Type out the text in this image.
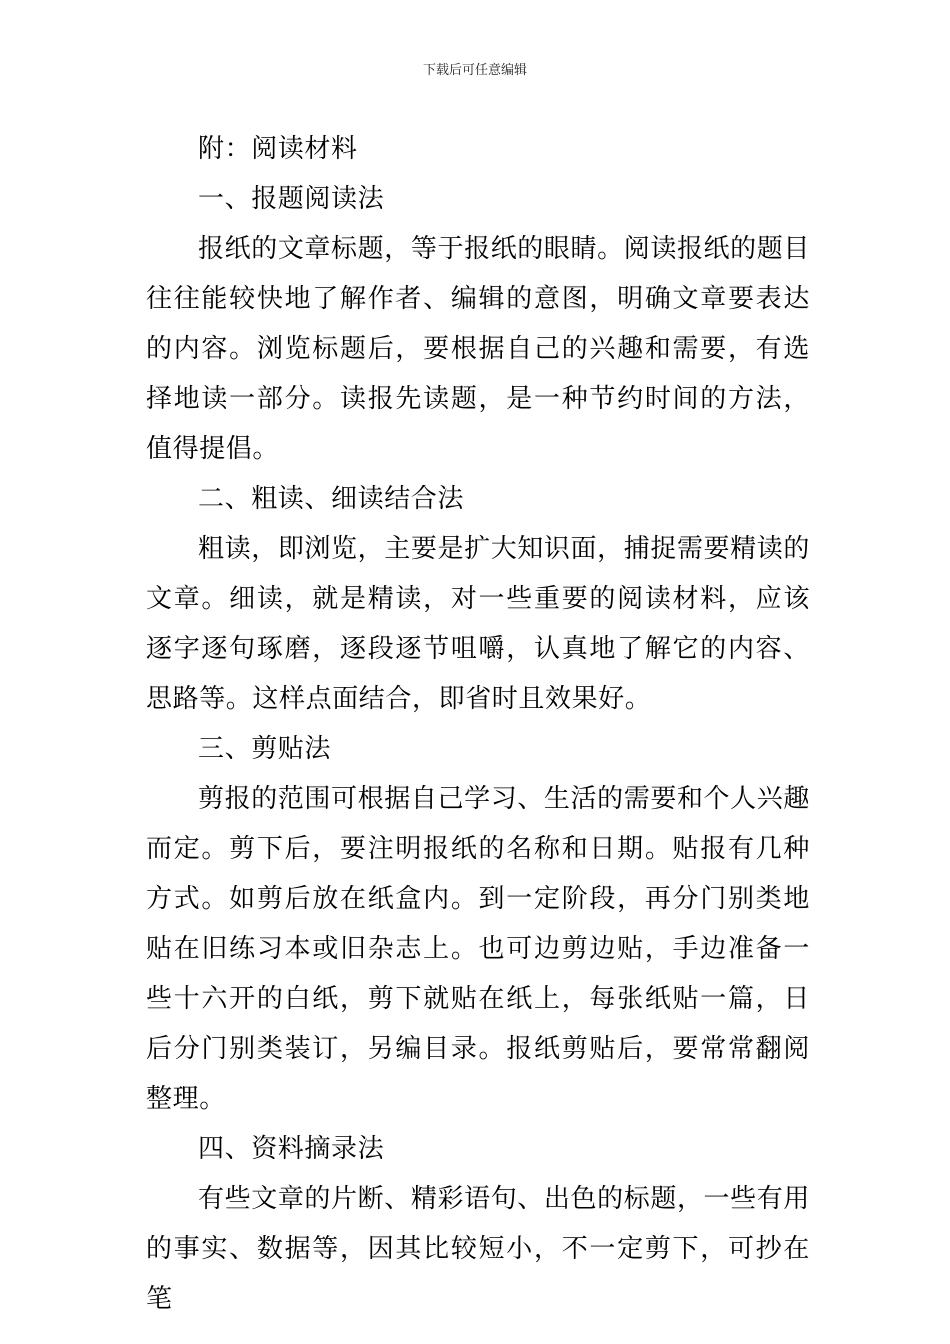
下载后可任意编辑

附：阅读材料

一、报题阅读法

报纸的文章标题，等于报纸的眼睛。阅读报纸的题目往往能较快地了解作者、编辑的意图，明确文章要表达的内容。浏览标题后，要根据自己的兴趣和需要，有选择地读一部分。读报先读题，是一种节约时间的方法，值得提倡。

二、粗读、细读结合法

粗读，即浏览，主要是扩大知识面，捕捉需要精读的文章。细读，就是精读，对一些重要的阅读材料，应该逐字逐句琢磨，逐段逐节咀嚼，认真地了解它的内容、思路等。这样点面结合，即省时且效果好。

三、剪贴法

剪报的范围可根据自己学习、生活的需要和个人兴趣而定。剪下后，要注明报纸的名称和日期。贴报有几种方式。如剪后放在纸盒内。到一定阶段，再分门别类地贴在旧练习本或旧杂志上。也可边剪边贴，手边准备一些十六开的白纸，剪下就贴在纸上，每张纸贴一篇，日后分门别类装订，另编目录。报纸剪贴后，要常常翻阅整理。

四、资料摘录法

有些文章的片断、精彩语句、出色的标题，一些有用的事实、数据等，因其比较短小，不一定剪下，可抄在笔
